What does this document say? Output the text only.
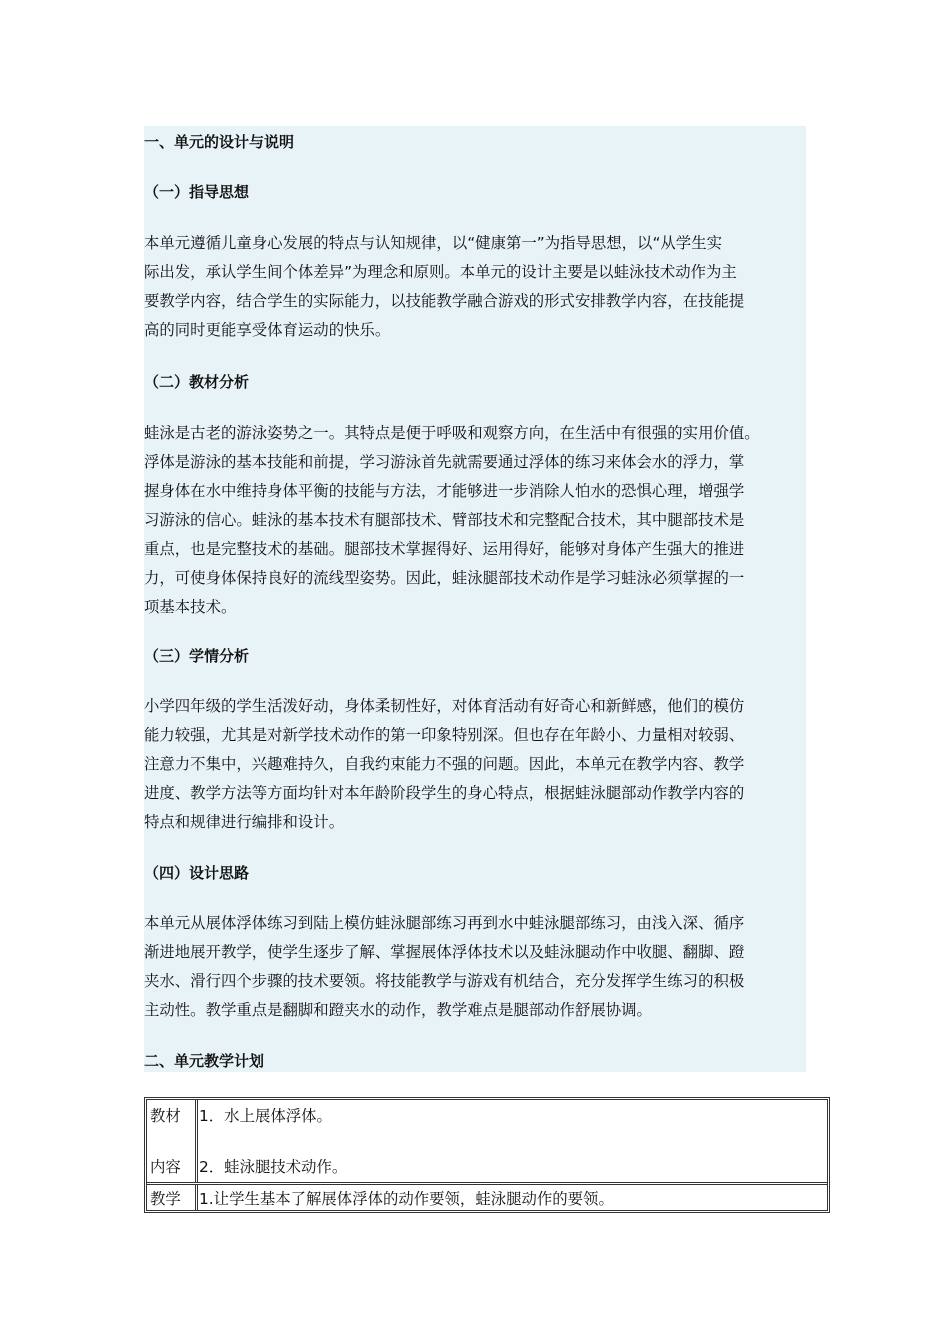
一、单元的设计与说明
（一）指导思想
本单元遵循儿童身心发展的特点与认知规律，以“健康第一”为指导思想，以“从学生实
际出发，承认学生间个体差异”为理念和原则。本单元的设计主要是以蛙泳技术动作为主
要教学内容，结合学生的实际能力，以技能教学融合游戏的形式安排教学内容，在技能提
高的同时更能享受体育运动的快乐。
（二）教材分析
蛙泳是古老的游泳姿势之一。其特点是便于呼吸和观察方向，在生活中有很强的实用价值。
浮体是游泳的基本技能和前提，学习游泳首先就需要通过浮体的练习来体会水的浮力，掌
握身体在水中维持身体平衡的技能与方法，才能够进一步消除人怕水的恐惧心理，增强学
习游泳的信心。蛙泳的基本技术有腿部技术、臂部技术和完整配合技术，其中腿部技术是
重点，也是完整技术的基础。腿部技术掌握得好、运用得好，能够对身体产生强大的推进
力，可使身体保持良好的流线型姿势。因此，蛙泳腿部技术动作是学习蛙泳必须掌握的一
项基本技术。
（三）学情分析
小学四年级的学生活泼好动，身体柔韧性好，对体育活动有好奇心和新鲜感，他们的模仿
能力较强，尤其是对新学技术动作的第一印象特别深。但也存在年龄小、力量相对较弱、
注意力不集中，兴趣难持久，自我约束能力不强的问题。因此，本单元在教学内容、教学
进度、教学方法等方面均针对本年龄阶段学生的身心特点，根据蛙泳腿部动作教学内容的
特点和规律进行编排和设计。
（四）设计思路
本单元从展体浮体练习到陆上模仿蛙泳腿部练习再到水中蛙泳腿部练习，由浅入深、循序
渐进地展开教学，使学生逐步了解、掌握展体浮体技术以及蛙泳腿动作中收腿、翻脚、蹬
夹水、滑行四个步骤的技术要领。将技能教学与游戏有机结合，充分发挥学生练习的积极
主动性。教学重点是翻脚和蹬夹水的动作，教学难点是腿部动作舒展协调。
二、单元教学计划
教材
内容
1．水上展体浮体。
2．蛙泳腿技术动作。
教学 1.让学生基本了解展体浮体的动作要领，蛙泳腿动作的要领。
